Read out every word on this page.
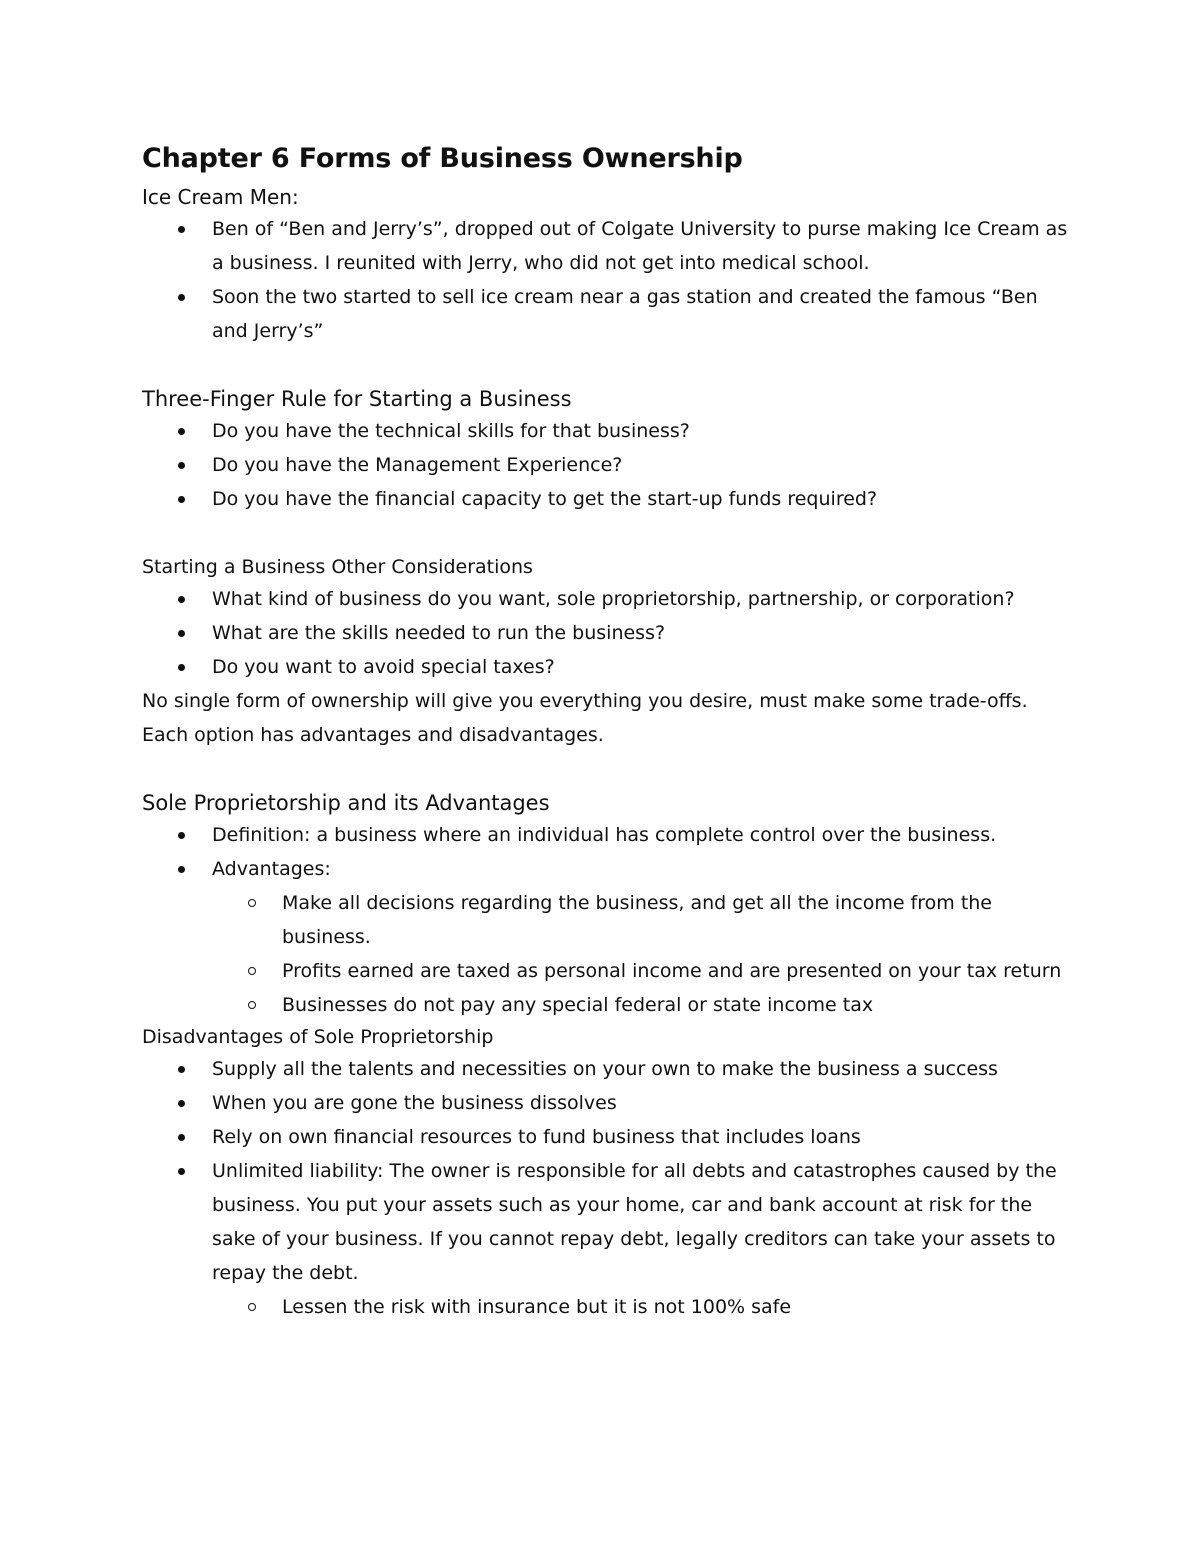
Chapter 6 Forms of Business Ownership

Ice Cream Men:

Ben of “Ben and Jerry’s”, dropped out of Colgate University to purse making Ice Cream as a business. I reunited with Jerry, who did not get into medical school.
Soon the two started to sell ice cream near a gas station and created the famous “Ben and Jerry’s”

Three-Finger Rule for Starting a Business

Do you have the technical skills for that business?
Do you have the Management Experience?
Do you have the financial capacity to get the start-up funds required?

Starting a Business Other Considerations

What kind of business do you want, sole proprietorship, partnership, or corporation?
What are the skills needed to run the business?
Do you want to avoid special taxes?

No single form of ownership will give you everything you desire, must make some trade-offs. Each option has advantages and disadvantages.

Sole Proprietorship and its Advantages

Definition: a business where an individual has complete control over the business.
Advantages:
Make all decisions regarding the business, and get all the income from the business.
Profits earned are taxed as personal income and are presented on your tax return
Businesses do not pay any special federal or state income tax

Disadvantages of Sole Proprietorship

Supply all the talents and necessities on your own to make the business a success
When you are gone the business dissolves
Rely on own financial resources to fund business that includes loans
Unlimited liability: The owner is responsible for all debts and catastrophes caused by the business. You put your assets such as your home, car and bank account at risk for the sake of your business. If you cannot repay debt, legally creditors can take your assets to repay the debt.
Lessen the risk with insurance but it is not 100% safe
